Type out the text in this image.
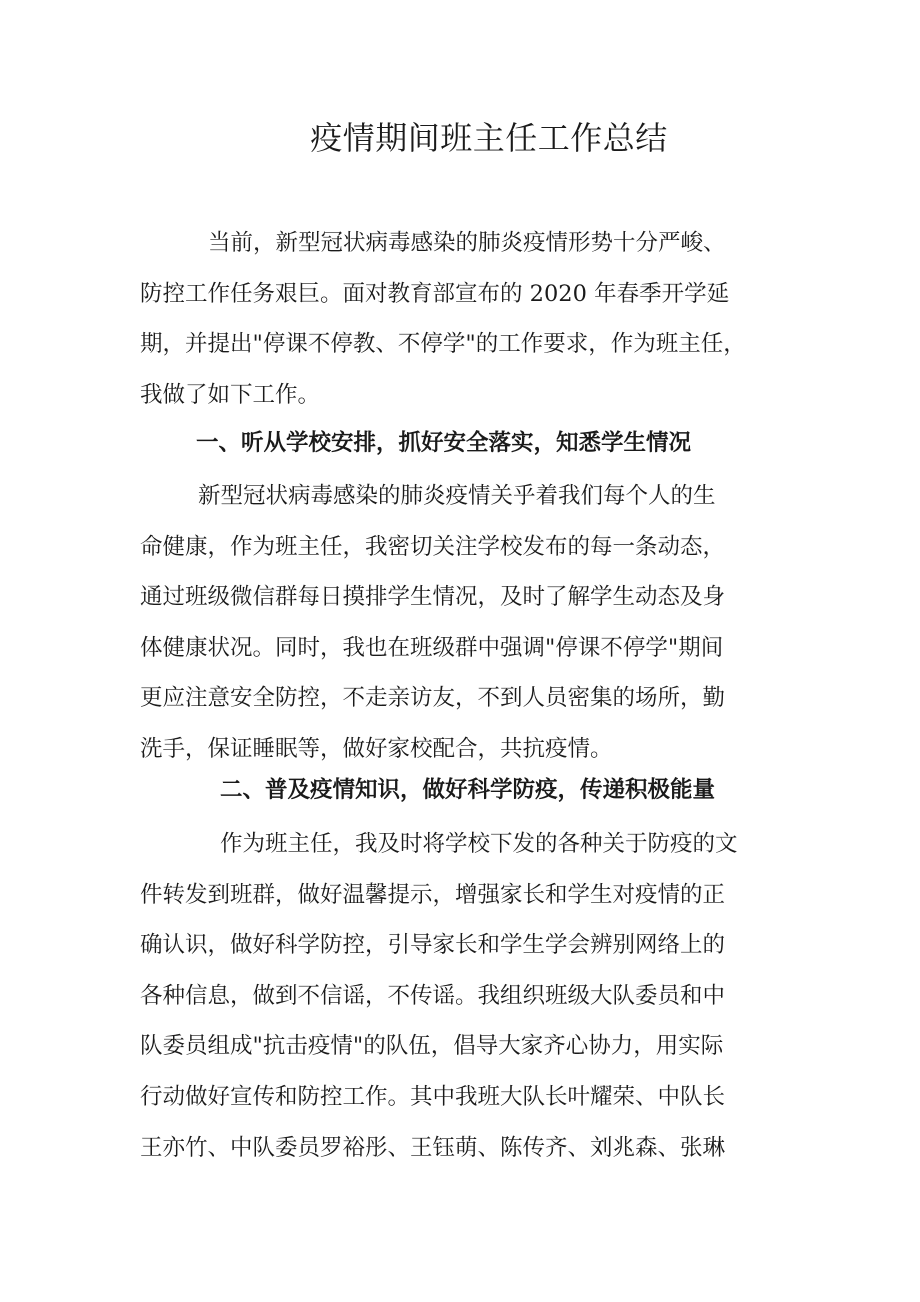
疫情期间班主任工作总结
当前，新型冠状病毒感染的肺炎疫情形势十分严峻、
防控工作任务艰巨。面对教育部宣布的 2020 年春季开学延
期，并提出"停课不停教、不停学"的工作要求，作为班主任，
我做了如下工作。
一、听从学校安排，抓好安全落实，知悉学生情况
新型冠状病毒感染的肺炎疫情关乎着我们每个人的生
命健康，作为班主任，我密切关注学校发布的每一条动态，
通过班级微信群每日摸排学生情况，及时了解学生动态及身
体健康状况。同时，我也在班级群中强调"停课不停学"期间
更应注意安全防控，不走亲访友，不到人员密集的场所，勤
洗手，保证睡眠等，做好家校配合，共抗疫情。
二、普及疫情知识，做好科学防疫，传递积极能量
作为班主任，我及时将学校下发的各种关于防疫的文
件转发到班群，做好温馨提示，增强家长和学生对疫情的正
确认识，做好科学防控，引导家长和学生学会辨别网络上的
各种信息，做到不信谣，不传谣。我组织班级大队委员和中
队委员组成"抗击疫情"的队伍，倡导大家齐心协力，用实际
行动做好宣传和防控工作。其中我班大队长叶耀荣、中队长
王亦竹、中队委员罗裕彤、王钰萌、陈传齐、刘兆森、张琳
